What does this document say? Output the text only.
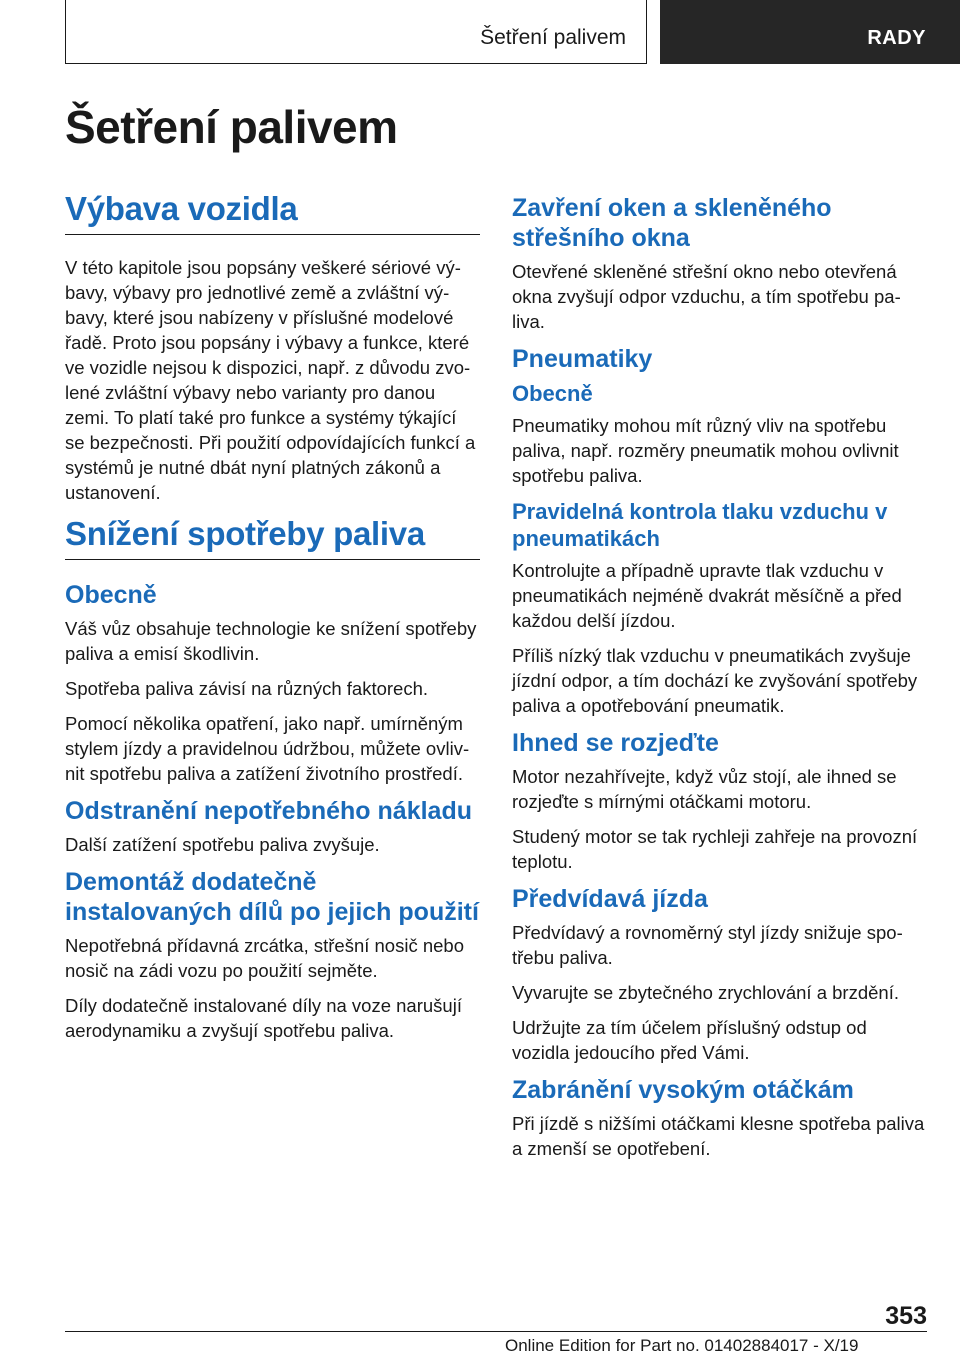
Šetření palivem	RADY
Šetření palivem
Výbava vozidla

V této kapitole jsou popsány veškeré sériové výbavy, výbavy pro jednotlivé země a zvláštní výbavy, které jsou nabízeny v příslušné modelové řadě. Proto jsou popsány i výbavy a funkce, které ve vozidle nejsou k dispozici, např. z důvodu zvolené zvláštní výbavy nebo varianty pro danou zemi. To platí také pro funkce a systémy týkající se bezpečnosti. Při použití odpovídajících funkcí a systémů je nutné dbát nyní platných zákonů a ustanovení.

Snížení spotřeby paliva
Obecně

Váš vůz obsahuje technologie ke snížení spotřeby paliva a emisí škodlivin.

Spotřeba paliva závisí na různých faktorech.

Pomocí několika opatření, jako např. umírněným stylem jízdy a pravidelnou údržbou, můžete ovlivnit spotřebu paliva a zatížení životního prostředí.

Odstranění nepotřebného nákladu

Další zatížení spotřebu paliva zvyšuje.

Demontáž dodatečně instalovaných dílů po jejich použití

Nepotřebná přídavná zrcátka, střešní nosič nebo nosič na zádi vozu po použití sejměte.

Díly dodatečně instalované díly na voze narušují aerodynamiku a zvyšují spotřebu paliva.

Zavření oken a skleněného střešního okna

Otevřené skleněné střešní okno nebo otevřená okna zvyšují odpor vzduchu, a tím spotřebu paliva.

Pneumatiky
Obecně

Pneumatiky mohou mít různý vliv na spotřebu paliva, např. rozměry pneumatik mohou ovlivnit spotřebu paliva.

Pravidelná kontrola tlaku vzduchu v pneumatikách

Kontrolujte a případně upravte tlak vzduchu v pneumatikách nejméně dvakrát měsíčně a před každou delší jízdou.

Příliš nízký tlak vzduchu v pneumatikách zvyšuje jízdní odpor, a tím dochází ke zvyšování spotřeby paliva a opotřebování pneumatik.

Ihned se rozjeďte

Motor nezahřívejte, když vůz stojí, ale ihned se rozjeďte s mírnými otáčkami motoru.

Studený motor se tak rychleji zahřeje na provozní teplotu.

Předvídavá jízda

Předvídavý a rovnoměrný styl jízdy snižuje spotřebu paliva.

Vyvarujte se zbytečného zrychlování a brzdění.

Udržujte za tím účelem příslušný odstup od vozidla jedoucího před Vámi.

Zabránění vysokým otáčkám

Při jízdě s nižšími otáčkami klesne spotřeba paliva a zmenší se opotřebení.

353
Online Edition for Part no. 01402884017 - X/19
